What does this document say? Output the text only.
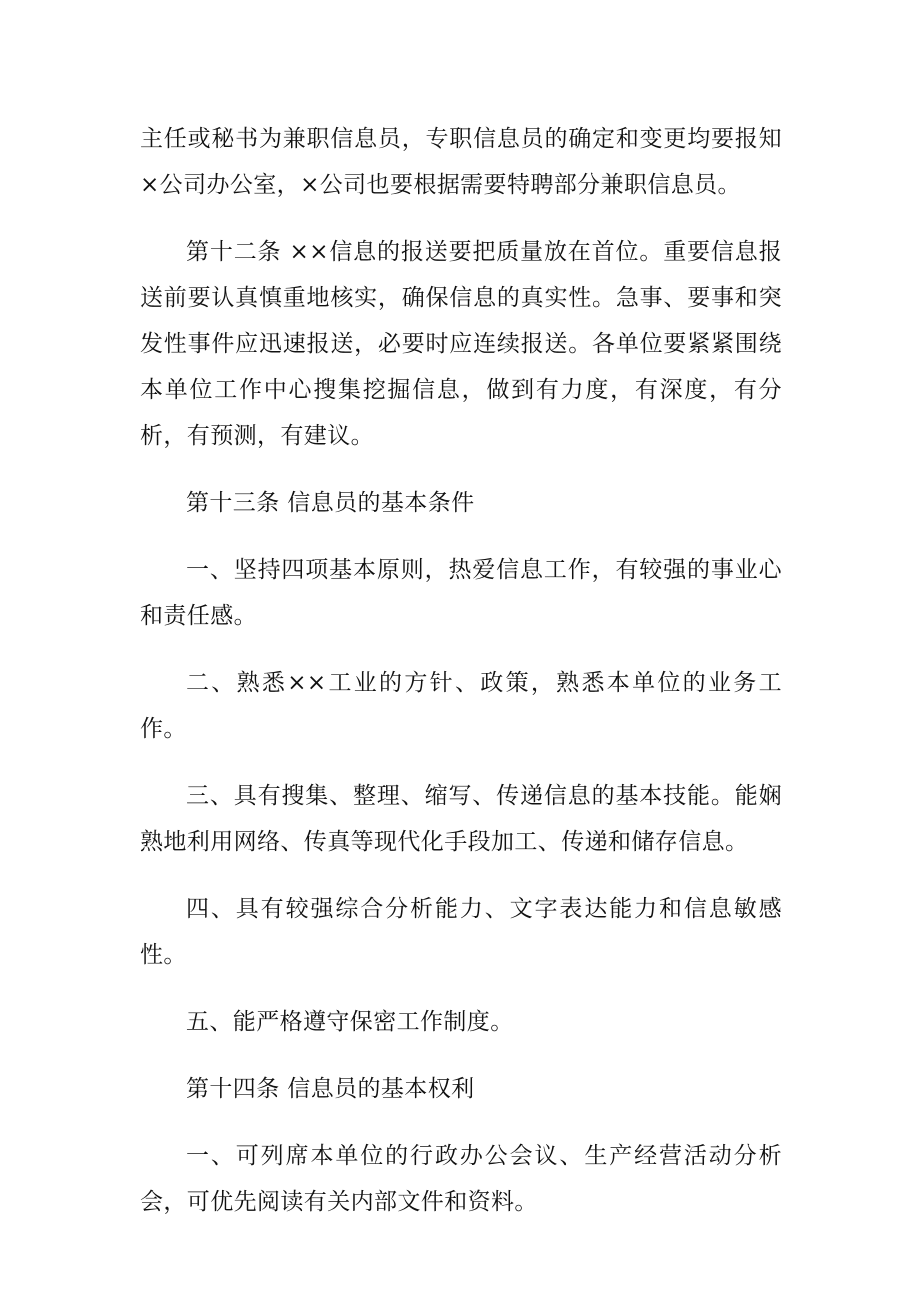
主任或秘书为兼职信息员，专职信息员的确定和变更均要报知×公司办公室，×公司也要根据需要特聘部分兼职信息员。

第十二条 ××信息的报送要把质量放在首位。重要信息报送前要认真慎重地核实，确保信息的真实性。急事、要事和突发性事件应迅速报送，必要时应连续报送。各单位要紧紧围绕本单位工作中心搜集挖掘信息，做到有力度，有深度，有分析，有预测，有建议。

第十三条 信息员的基本条件

一、坚持四项基本原则，热爱信息工作，有较强的事业心和责任感。

二、熟悉××工业的方针、政策，熟悉本单位的业务工作。

三、具有搜集、整理、缩写、传递信息的基本技能。能娴熟地利用网络、传真等现代化手段加工、传递和储存信息。

四、具有较强综合分析能力、文字表达能力和信息敏感性。

五、能严格遵守保密工作制度。

第十四条 信息员的基本权利

一、可列席本单位的行政办公会议、生产经营活动分析会，可优先阅读有关内部文件和资料。
